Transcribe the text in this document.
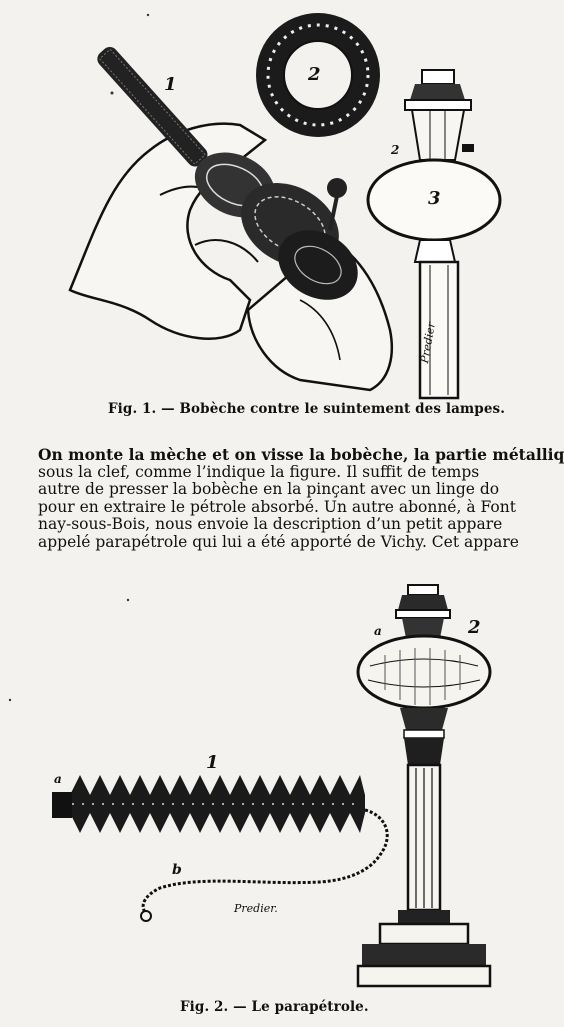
1	2
2
3
Predier
Fig. 1. — Bobèche contre le suintement des lampes.
On monte la mèche et on visse la bobèche, la partie métalliq
sous la clef, comme l’indique la figure. Il suffit de temps
autre de presser la bobèche en la pinçant avec un linge do
pour en extraire le pétrole absorbé. Un autre abonné, à Font
nay-sous-Bois, nous envoie la description d’un petit appare
appelé parapétrole qui lui a été apporté de Vichy. Cet appare
a	2
1
a
b
Predier.
Fig. 2. — Le parapétrole.
